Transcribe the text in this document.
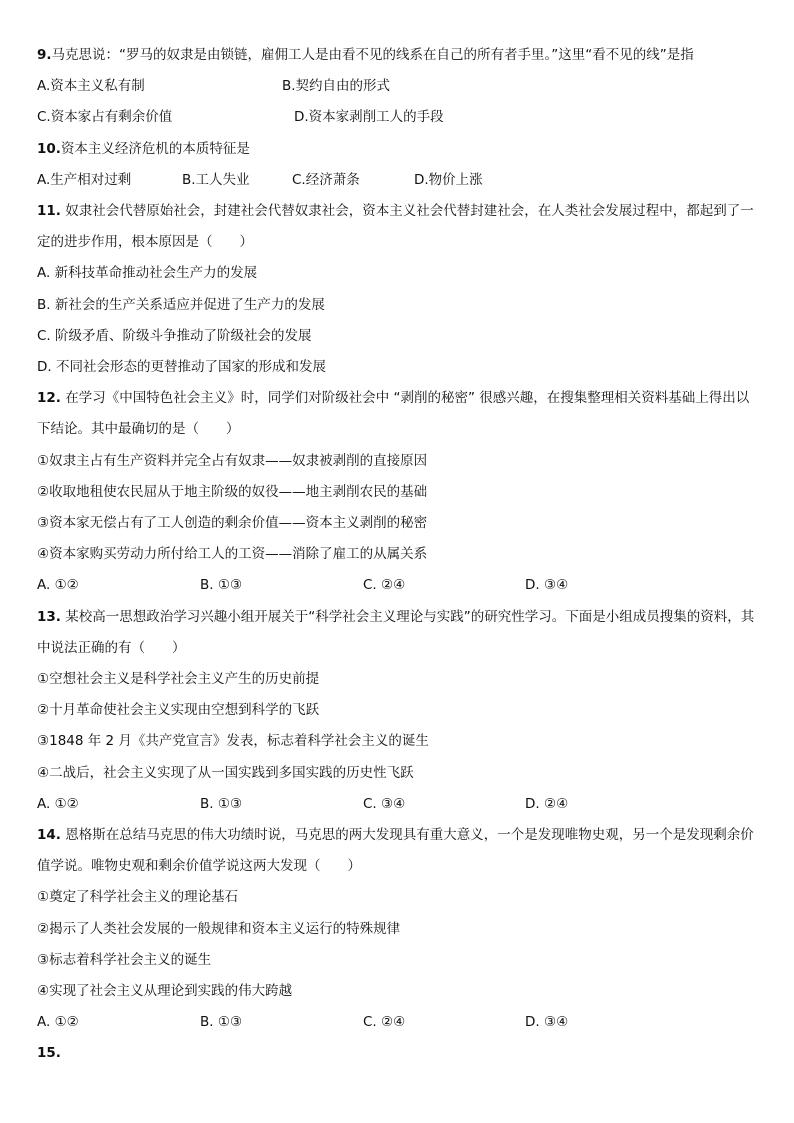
9.马克思说：“罗马的奴隶是由锁链，雇佣工人是由看不见的线系在自己的所有者手里。”这里“看不见的线”是指
A.资本主义私有制	B.契约自由的形式
C.资本家占有剩余价值	D.资本家剥削工人的手段
10.资本主义经济危机的本质特征是
A.生产相对过剩	B.工人失业	C.经济萧条	D.物价上涨
11. 奴隶社会代替原始社会，封建社会代替奴隶社会，资本主义社会代替封建社会，在人类社会发展过程中，都起到了一定的进步作用，根本原因是（　　）
A. 新科技革命推动社会生产力的发展
B. 新社会的生产关系适应并促进了生产力的发展
C. 阶级矛盾、阶级斗争推动了阶级社会的发展
D. 不同社会形态的更替推动了国家的形成和发展
12. 在学习《中国特色社会主义》时，同学们对阶级社会中 “剥削的秘密” 很感兴趣，在搜集整理相关资料基础上得出以下结论。其中最确切的是（　　）
①奴隶主占有生产资料并完全占有奴隶——奴隶被剥削的直接原因
②收取地租使农民屈从于地主阶级的奴役——地主剥削农民的基础
③资本家无偿占有了工人创造的剩余价值——资本主义剥削的秘密
④资本家购买劳动力所付给工人的工资——消除了雇工的从属关系
A. ①②	B. ①③	C. ②④	D. ③④
13. 某校高一思想政治学习兴趣小组开展关于“科学社会主义理论与实践”的研究性学习。下面是小组成员搜集的资料，其中说法正确的有（　　）
①空想社会主义是科学社会主义产生的历史前提
②十月革命使社会主义实现由空想到科学的飞跃
③1848 年 2 月《共产党宣言》发表，标志着科学社会主义的诞生
④二战后，社会主义实现了从一国实践到多国实践的历史性飞跃
A. ①②	B. ①③	C. ③④	D. ②④
14. 恩格斯在总结马克思的伟大功绩时说，马克思的两大发现具有重大意义，一个是发现唯物史观，另一个是发现剩余价值学说。唯物史观和剩余价值学说这两大发现（　　）
①奠定了科学社会主义的理论基石
②揭示了人类社会发展的一般规律和资本主义运行的特殊规律
③标志着科学社会主义的诞生
④实现了社会主义从理论到实践的伟大跨越
A. ①②	B. ①③	C. ②④	D. ③④
15.
